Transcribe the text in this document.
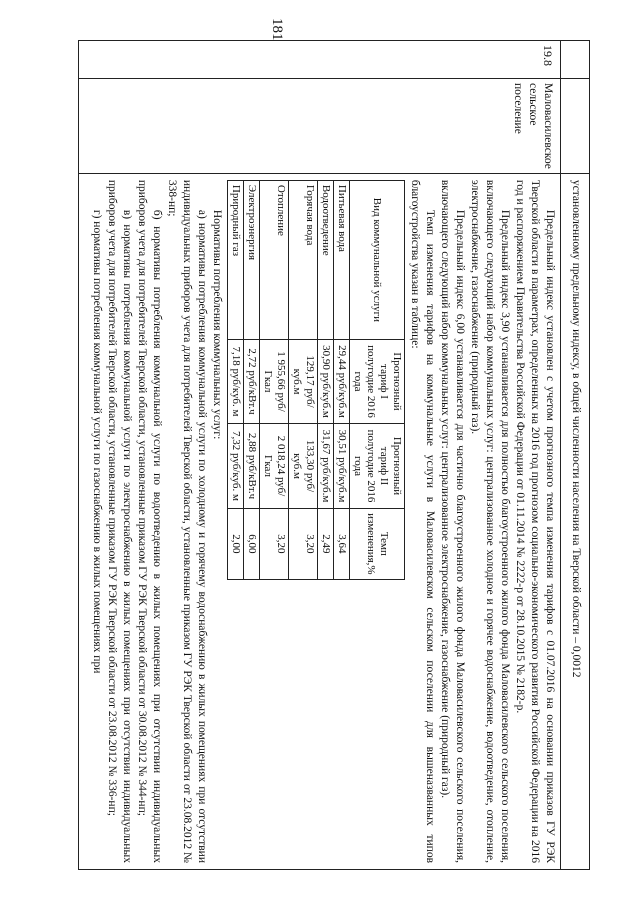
181

установленному предельному индексу, в общей численности населения на Тверской области – 0,0012

19.8

Маловасилевское сельское поселение

Предельный индекс установлен с учетом прогнозного темпа изменения тарифов с 01.07.2016 на основании приказов ГУ РЭК Тверской области в параметрах, определенных на 2016 год прогнозом социально-экономического развития Российской Федерации на 2016 год и распоряжением Правительства Российской Федерации от 01.11.2014 № 2222-р от 28.10.2015 № 2182-р.

Предельный индекс 3,90 устанавливается для полностью благоустроенного жилого фонда Маловасилевского сельского поселения, включающего следующий набор коммунальных услуг: централизованное холодное и горячее водоснабжение, водоотведение, отопление, электроснабжение, газоснабжение (природный газ).

Предельный индекс 6,00 устанавливается для частично благоустроенного жилого фонда Маловасилевского сельского поселения, включающего следующий набор коммунальных услуг: централизованное электроснабжение, газоснабжение (природный газ).

Темп изменения тарифов на коммунальные услуги в Маловасилевском сельском поселении для вышеназванных типов благоустройства указан в таблице:

Вид коммунальной услуги	Прогнозный тариф I полугодие 2016 года	Прогнозный тариф II полугодие 2016 года	Темп изменения,%
Питьевая вода	29,44 руб/куб.м	30,51 руб/куб.м	3,64
Водоотведение	30,90 руб/куб.м	31,67 руб/куб.м	2,49
Горячая вода	129,17 руб/ куб.м	133,30 руб/ куб.м	3,20
Отопление	1 955,66 руб/Гкал	2 018,24 руб/Гкал	3,20
Электроэнергия	2,72 руб/кВт.ч	2,88 руб/кВт.ч	6,00
Природный газ	7,18 руб/куб. м	7,32 руб/куб. м	2,00

Нормативы потребления коммунальных услуг:

а) нормативы потребления коммунальной услуги по холодному и горячему водоснабжению в жилых помещениях при отсутствии индивидуальных приборов учета для потребителей Тверской области, установленные приказом ГУ РЭК Тверской области от 23.08.2012 № 338-нп;

б) нормативы потребления коммунальной услуги по водоотведению в жилых помещениях при отсутствии индивидуальных приборов учета для потребителей Тверской области, установленные приказом ГУ РЭК Тверской области от 30.08.2012 № 344-нп;

в) нормативы потребления коммунальной услуги по электроснабжению в жилых помещениях при отсутствии индивидуальных приборов учета для потребителей Тверской области, установленные приказом ГУ РЭК Тверской области от 23.08.2012 № 336-нп;

г) нормативы потребления коммунальной услуги по газоснабжению в жилых помещениях при
